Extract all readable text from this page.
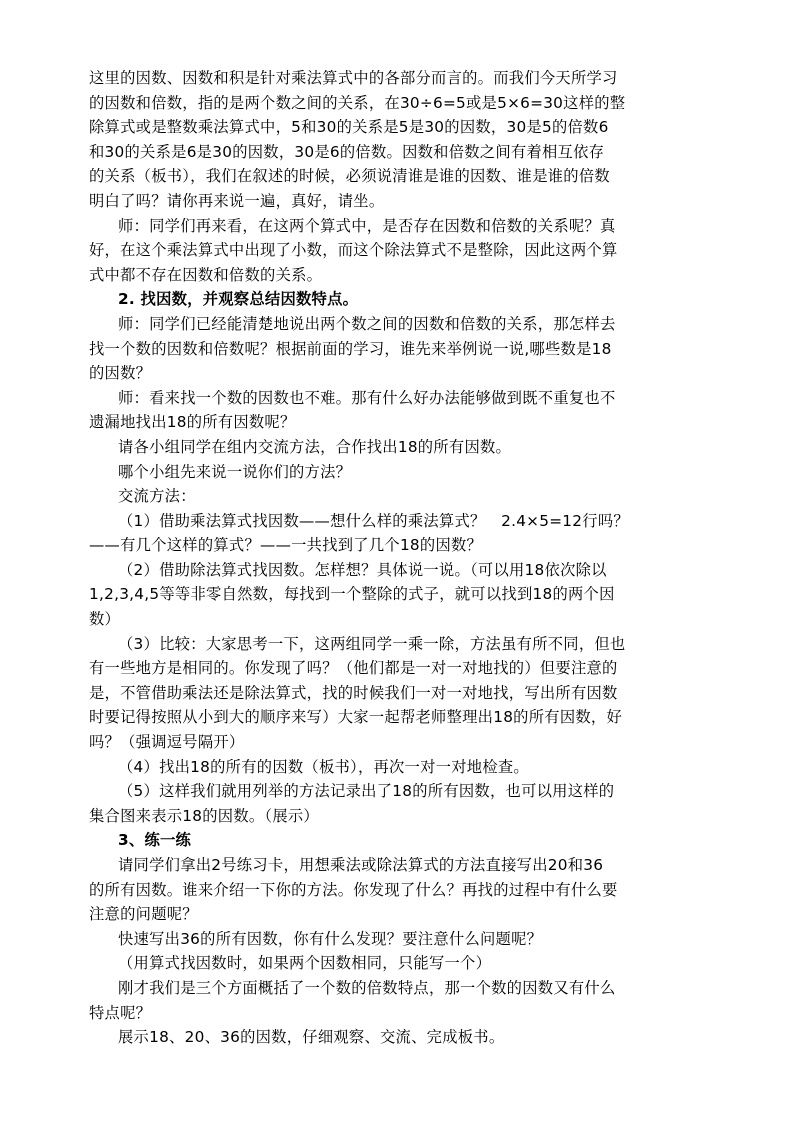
这里的因数、因数和积是针对乘法算式中的各部分而言的。而我们今天所学习
的因数和倍数，指的是两个数之间的关系，在30÷6=5或是5×6=30这样的整
除算式或是整数乘法算式中，5和30的关系是5是30的因数，30是5的倍数6
和30的关系是6是30的因数，30是6的倍数。因数和倍数之间有着相互依存
的关系（板书），我们在叙述的时候，必须说清谁是谁的因数、谁是谁的倍数
明白了吗？请你再来说一遍，真好，请坐。
师：同学们再来看，在这两个算式中，是否存在因数和倍数的关系呢？真
好，在这个乘法算式中出现了小数，而这个除法算式不是整除，因此这两个算
式中都不存在因数和倍数的关系。
2. 找因数，并观察总结因数特点。
师：同学们已经能清楚地说出两个数之间的因数和倍数的关系，那怎样去
找一个数的因数和倍数呢？根据前面的学习，谁先来举例说一说,哪些数是18
的因数？
师：看来找一个数的因数也不难。那有什么好办法能够做到既不重复也不
遗漏地找出18的所有因数呢？
请各小组同学在组内交流方法，合作找出18的所有因数。
哪个小组先来说一说你们的方法？
交流方法：
（1）借助乘法算式找因数——想什么样的乘法算式？　2.4×5=12行吗？
——有几个这样的算式？——一共找到了几个18的因数？
（2）借助除法算式找因数。怎样想？具体说一说。（可以用18依次除以
1,2,3,4,5等等非零自然数，每找到一个整除的式子，就可以找到18的两个因
数）
（3）比较：大家思考一下，这两组同学一乘一除，方法虽有所不同，但也
有一些地方是相同的。你发现了吗？（他们都是一对一对地找的）但要注意的
是，不管借助乘法还是除法算式，找的时候我们一对一对地找，写出所有因数
时要记得按照从小到大的顺序来写）大家一起帮老师整理出18的所有因数，好
吗？（强调逗号隔开）
（4）找出18的所有的因数（板书），再次一对一对地检查。
（5）这样我们就用列举的方法记录出了18的所有因数，也可以用这样的
集合图来表示18的因数。（展示）
3、练一练
请同学们拿出2号练习卡，用想乘法或除法算式的方法直接写出20和36
的所有因数。谁来介绍一下你的方法。你发现了什么？再找的过程中有什么要
注意的问题呢？
快速写出36的所有因数，你有什么发现？要注意什么问题呢？
（用算式找因数时，如果两个因数相同，只能写一个）
刚才我们是三个方面概括了一个数的倍数特点，那一个数的因数又有什么
特点呢？
展示18、20、36的因数，仔细观察、交流、完成板书。
